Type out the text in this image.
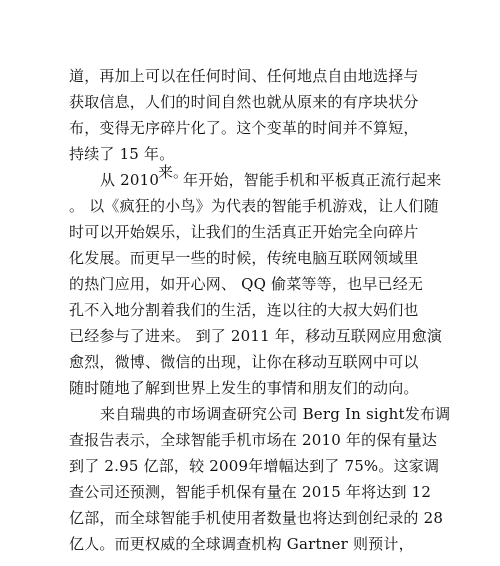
道，再加上可以在任何时间、任何地点自由地选择与
获取信息，人们的时间自然也就从原来的有序块状分
布，变得无序碎片化了。这个变革的时间并不算短，
持续了 15 年。
从 2010
来。
年开始，智能手机和平板真正流行起来
。 以《疯狂的小鸟》为代表的智能手机游戏，让人们随
时可以开始娱乐，让我们的生活真正开始完全向碎片
化发展。而更早一些的时候，传统电脑互联网领域里
的热门应用，如开心网、 QQ 偷菜等等，也早已经无
孔不入地分割着我们的生活，连以往的大叔大妈们也
已经参与了进来。 到了 2011 年，移动互联网应用愈演
愈烈，微博、微信的出现，让你在移动互联网中可以
随时随地了解到世界上发生的事情和朋友们的动向。
来自瑞典的市场调查研究公司 Berg In sight发布调
查报告表示，全球智能手机市场在 2010 年的保有量达
到了 2.95 亿部，较 2009年增幅达到了 75%。这家调
查公司还预测，智能手机保有量在 2015 年将达到 12
亿部，而全球智能手机使用者数量也将达到创纪录的 28
亿人。而更权威的全球调查机构 Gartner 则预计，
